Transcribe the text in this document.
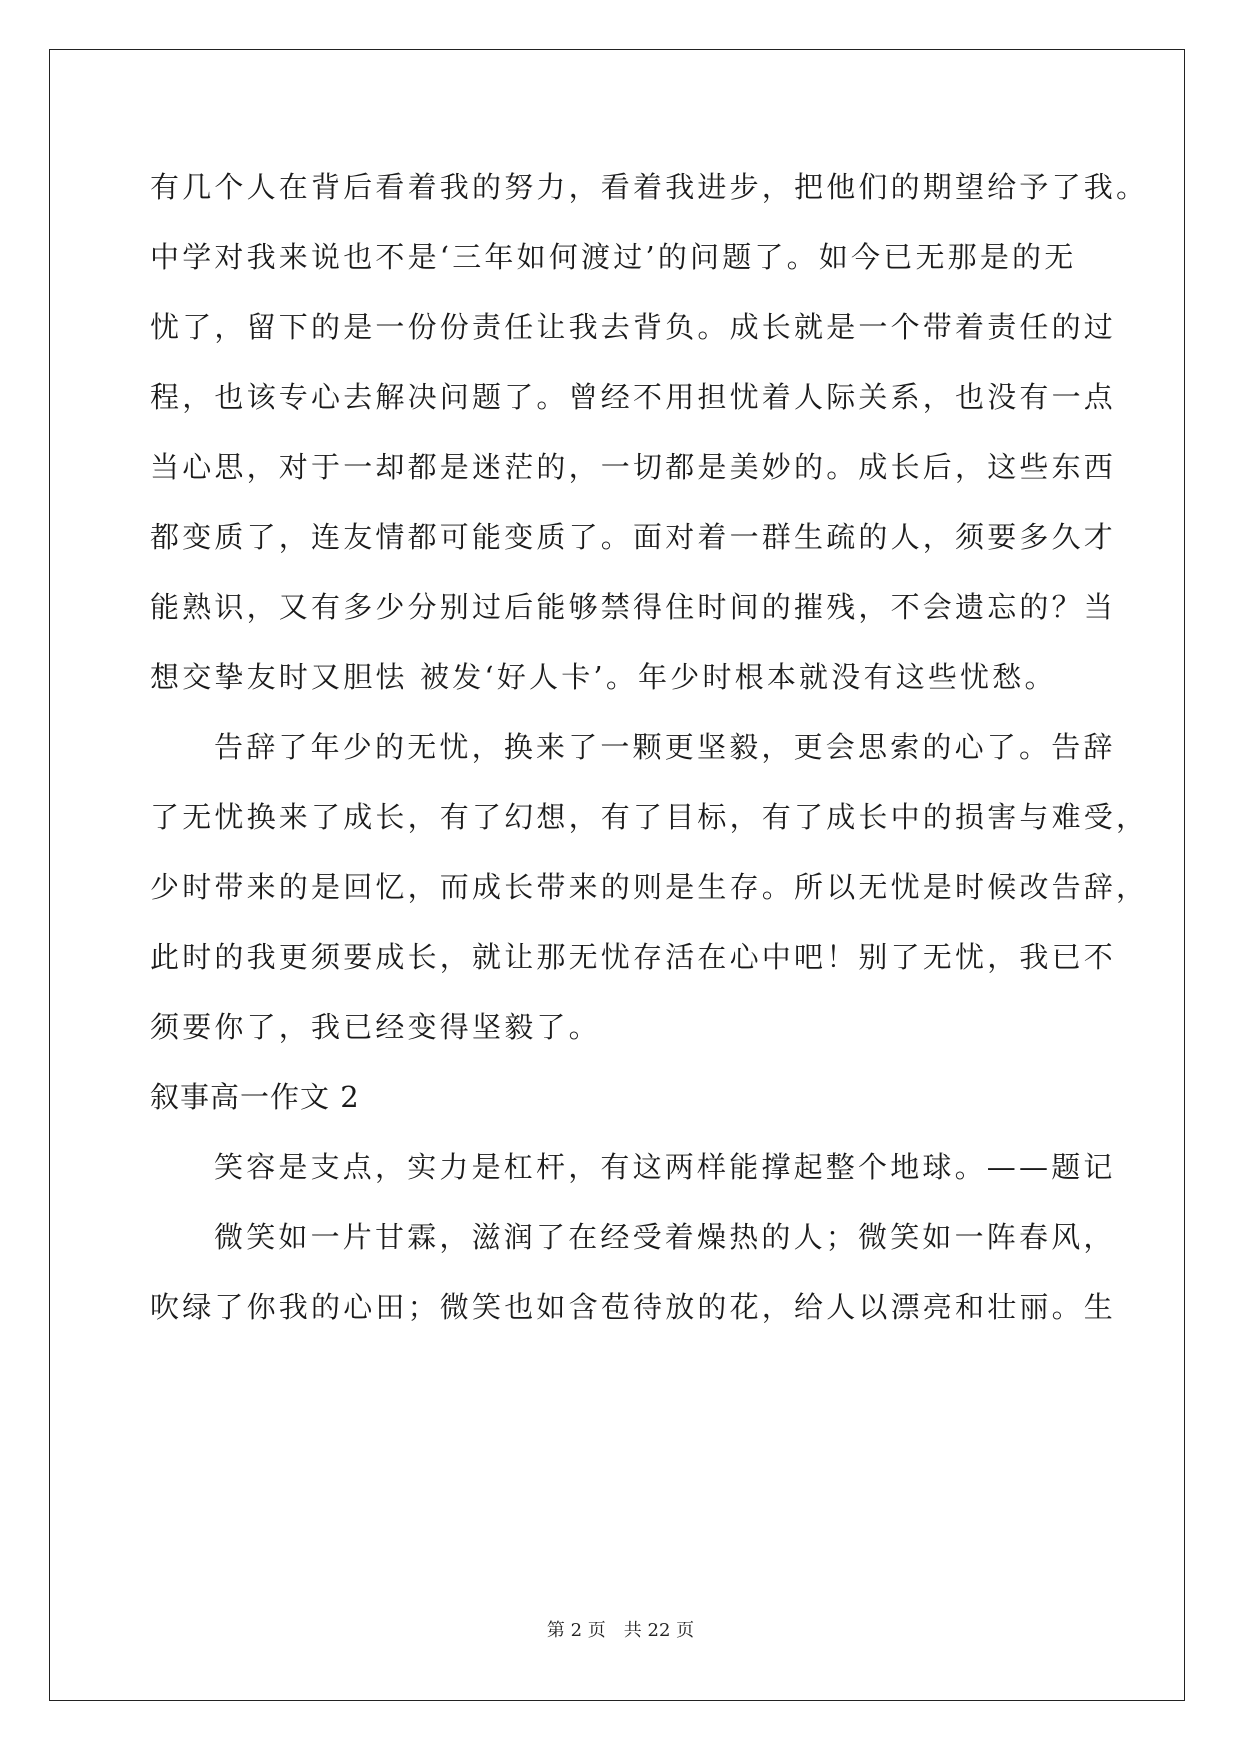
有几个人在背后看着我的努力，看着我进步，把他们的期望给予了我。
中学对我来说也不是‘三年如何渡过’的问题了。如今已无那是的无
忧了，留下的是一份份责任让我去背负。成长就是一个带着责任的过
程，也该专心去解决问题了。曾经不用担忧着人际关系，也没有一点
当心思，对于一却都是迷茫的，一切都是美妙的。成长后，这些东西
都变质了，连友情都可能变质了。面对着一群生疏的人，须要多久才
能熟识，又有多少分别过后能够禁得住时间的摧残，不会遗忘的？当
想交挚友时又胆怯 被发‘好人卡’。年少时根本就没有这些忧愁。
告辞了年少的无忧，换来了一颗更坚毅，更会思索的心了。告辞
了无忧换来了成长，有了幻想，有了目标，有了成长中的损害与难受，
少时带来的是回忆，而成长带来的则是生存。所以无忧是时候改告辞，
此时的我更须要成长，就让那无忧存活在心中吧！别了无忧，我已不
须要你了，我已经变得坚毅了。
叙事高一作文 2
笑容是支点，实力是杠杆，有这两样能撑起整个地球。——题记
微笑如一片甘霖，滋润了在经受着燥热的人；微笑如一阵春风，
吹绿了你我的心田；微笑也如含苞待放的花，给人以漂亮和壮丽。生
第 2 页 共 22 页
